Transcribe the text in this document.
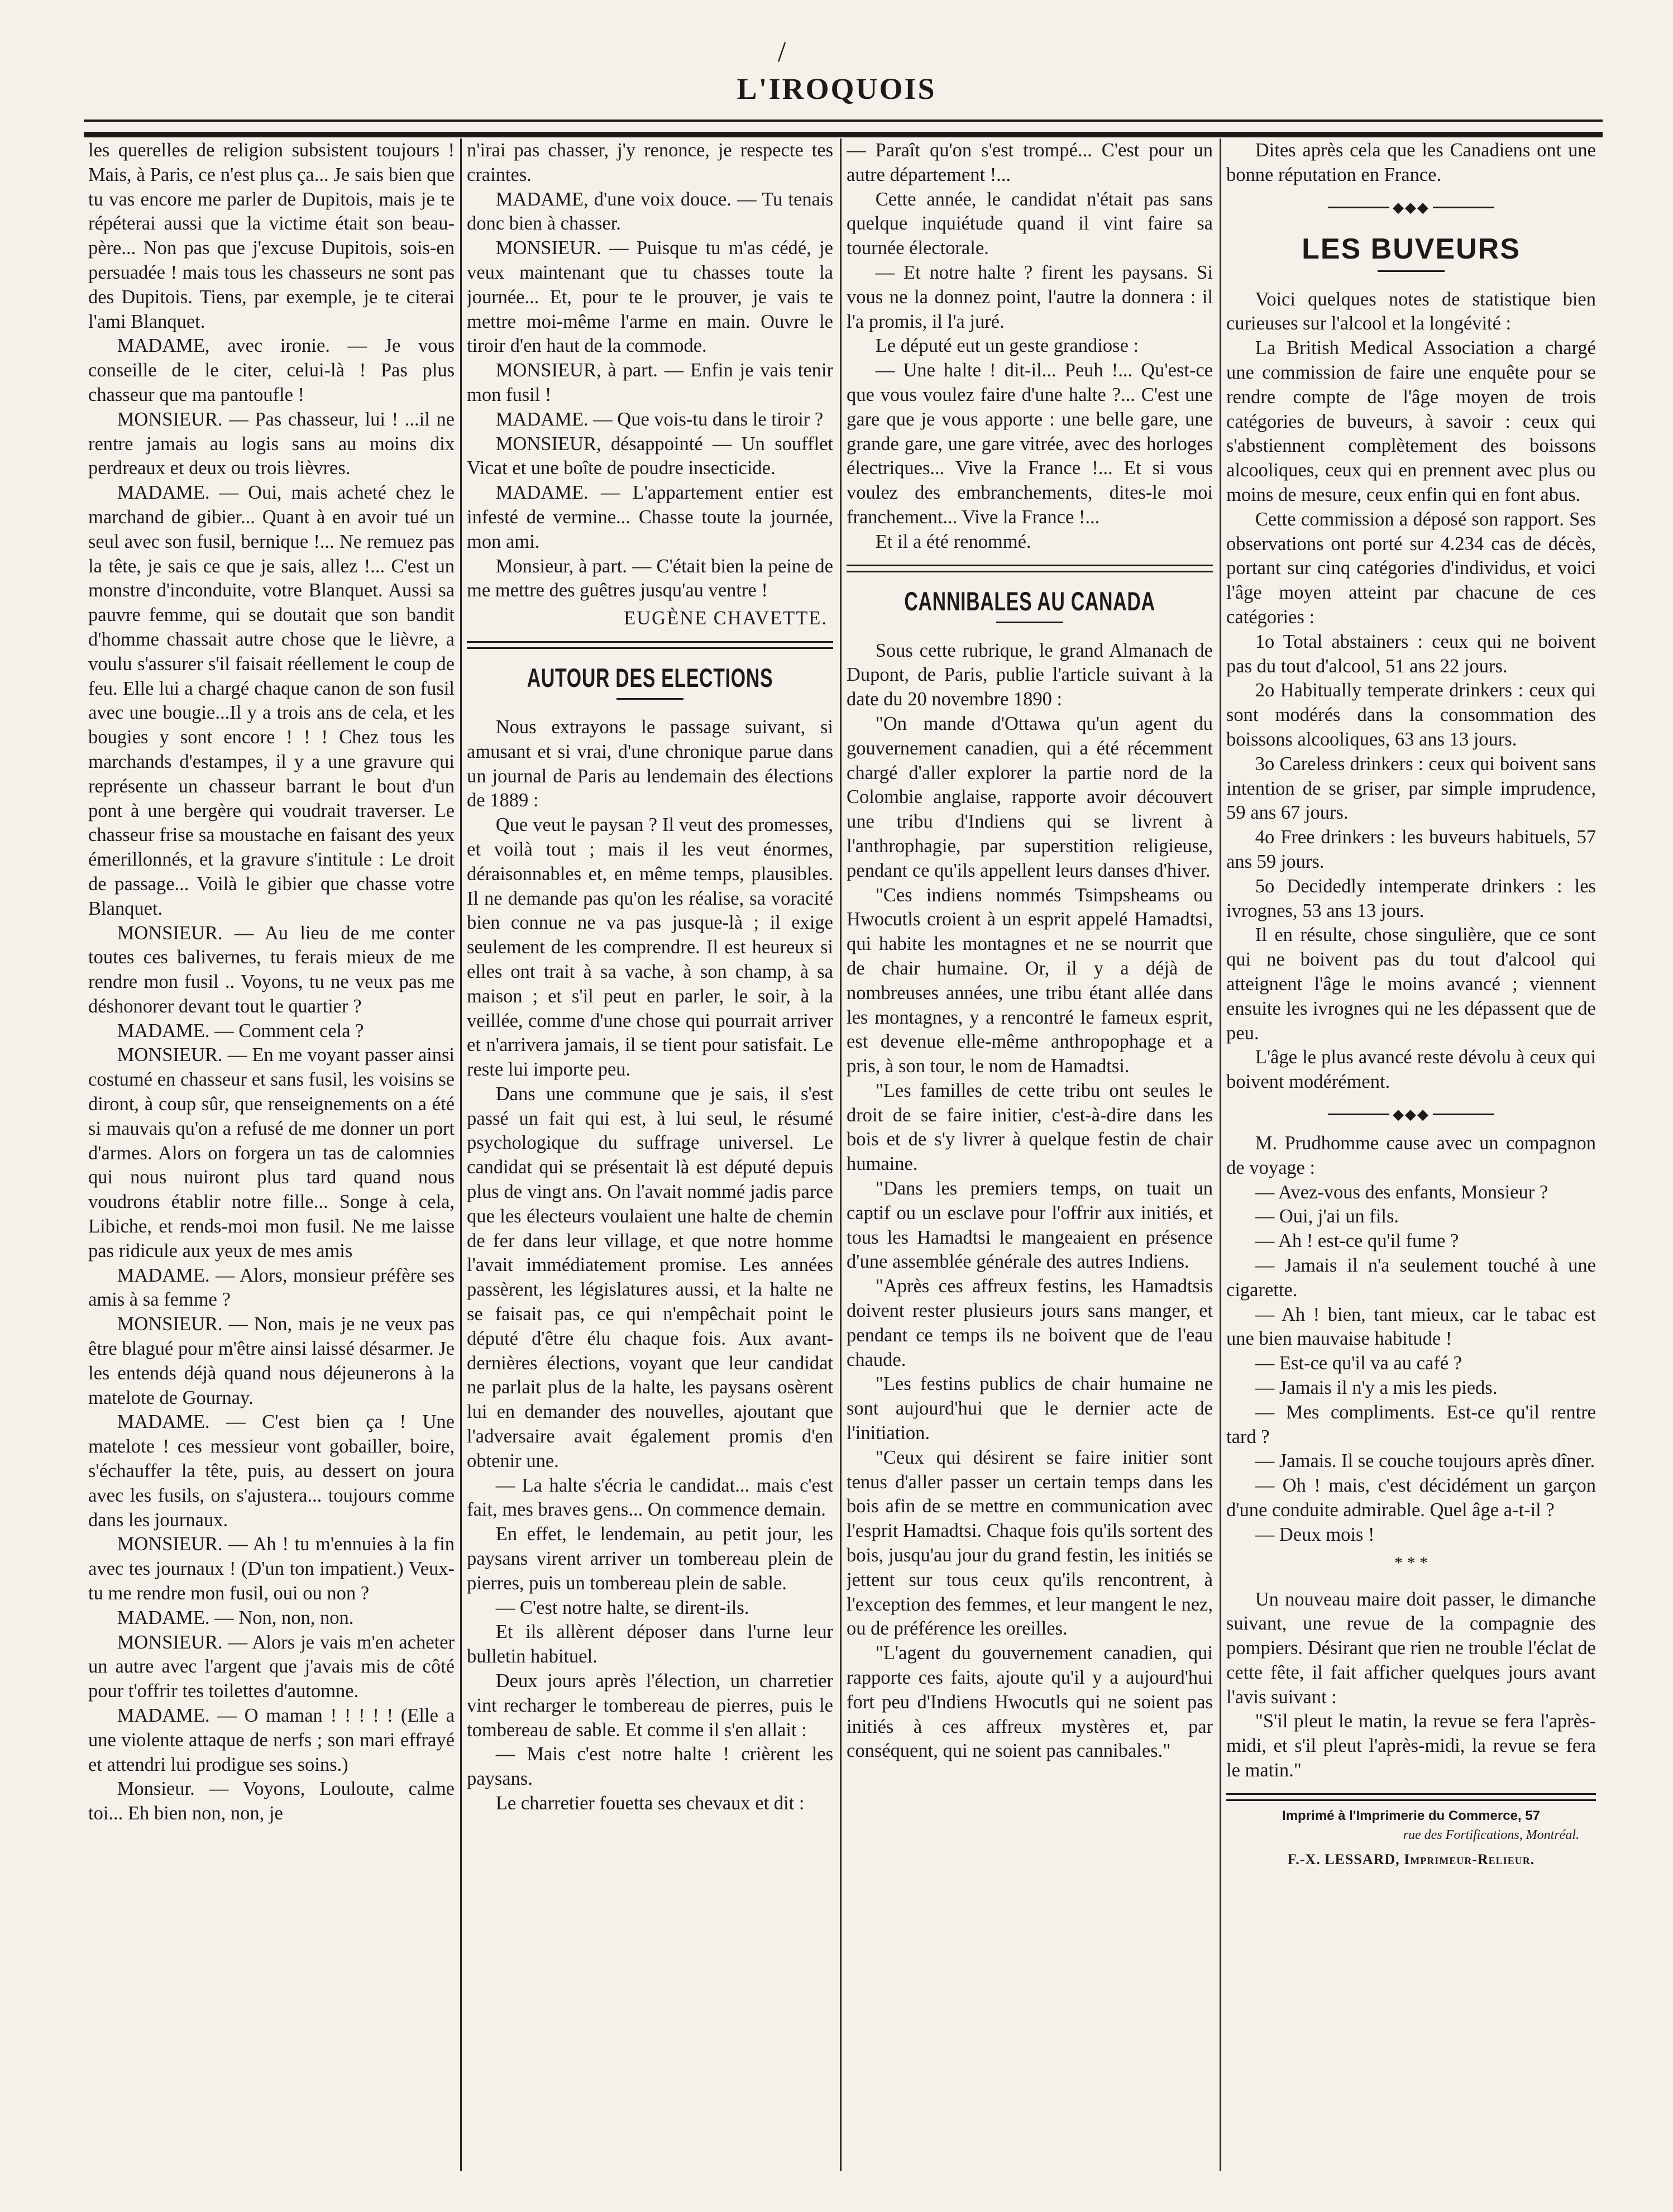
/
L'IROQUOIS

les querelles de religion subsistent toujours ! Mais, à Paris, ce n'est plus ça... Je sais bien que tu vas encore me parler de Dupitois, mais je te répéterai aussi que la victime était son beau-père... Non pas que j'excuse Dupitois, sois-en persuadée ! mais tous les chasseurs ne sont pas des Dupitois. Tiens, par exemple, je te citerai l'ami Blanquet.

MADAME, avec ironie. — Je vous conseille de le citer, celui-là ! Pas plus chasseur que ma pantoufle !

MONSIEUR. — Pas chasseur, lui ! ...il ne rentre jamais au logis sans au moins dix perdreaux et deux ou trois lièvres.

MADAME. — Oui, mais acheté chez le marchand de gibier... Quant à en avoir tué un seul avec son fusil, bernique !... Ne remuez pas la tête, je sais ce que je sais, allez !... C'est un monstre d'inconduite, votre Blanquet. Aussi sa pauvre femme, qui se doutait que son bandit d'homme chassait autre chose que le lièvre, a voulu s'assurer s'il faisait réellement le coup de feu. Elle lui a chargé chaque canon de son fusil avec une bougie...Il y a trois ans de cela, et les bougies y sont encore ! ! ! Chez tous les marchands d'estampes, il y a une gravure qui représente un chasseur barrant le bout d'un pont à une bergère qui voudrait traverser. Le chasseur frise sa moustache en faisant des yeux émerillonnés, et la gravure s'intitule : Le droit de passage... Voilà le gibier que chasse votre Blanquet.

MONSIEUR. — Au lieu de me conter toutes ces balivernes, tu ferais mieux de me rendre mon fusil .. Voyons, tu ne veux pas me déshonorer devant tout le quartier ?

MADAME. — Comment cela ?

MONSIEUR. — En me voyant passer ainsi costumé en chasseur et sans fusil, les voisins se diront, à coup sûr, que renseignements on a été si mauvais qu'on a refusé de me donner un port d'armes. Alors on forgera un tas de calomnies qui nous nuiront plus tard quand nous voudrons établir notre fille... Songe à cela, Libiche, et rends-moi mon fusil. Ne me laisse pas ridicule aux yeux de mes amis

MADAME. — Alors, monsieur préfère ses amis à sa femme ?

MONSIEUR. — Non, mais je ne veux pas être blagué pour m'être ainsi laissé désarmer. Je les entends déjà quand nous déjeunerons à la matelote de Gournay.

MADAME. — C'est bien ça ! Une matelote ! ces messieur vont gobailler, boire, s'échauffer la tête, puis, au dessert on joura avec les fusils, on s'ajustera... toujours comme dans les journaux.

MONSIEUR. — Ah ! tu m'ennuies à la fin avec tes journaux ! (D'un ton impatient.) Veux-tu me rendre mon fusil, oui ou non ?

MADAME. — Non, non, non.

MONSIEUR. — Alors je vais m'en acheter un autre avec l'argent que j'avais mis de côté pour t'offrir tes toilettes d'automne.

MADAME. — O maman ! ! ! ! ! (Elle a une violente attaque de nerfs ; son mari effrayé et attendri lui prodigue ses soins.)

Monsieur. — Voyons, Louloute, calme toi... Eh bien non, non, je

n'irai pas chasser, j'y renonce, je respecte tes craintes.

MADAME, d'une voix douce. — Tu tenais donc bien à chasser.

MONSIEUR. — Puisque tu m'as cédé, je veux maintenant que tu chasses toute la journée... Et, pour te le prouver, je vais te mettre moi-même l'arme en main. Ouvre le tiroir d'en haut de la commode.

MONSIEUR, à part. — Enfin je vais tenir mon fusil !

MADAME. — Que vois-tu dans le tiroir ?

MONSIEUR, désappointé — Un soufflet Vicat et une boîte de poudre insecticide.

MADAME. — L'appartement entier est infesté de vermine... Chasse toute la journée, mon ami.

Monsieur, à part. — C'était bien la peine de me mettre des guêtres jusqu'au ventre !

EUGÈNE CHAVETTE.
AUTOUR DES ELECTIONS

Nous extrayons le passage suivant, si amusant et si vrai, d'une chronique parue dans un journal de Paris au lendemain des élections de 1889 :

Que veut le paysan ? Il veut des promesses, et voilà tout ; mais il les veut énormes, déraisonnables et, en même temps, plausibles. Il ne demande pas qu'on les réalise, sa voracité bien connue ne va pas jusque-là ; il exige seulement de les comprendre. Il est heureux si elles ont trait à sa vache, à son champ, à sa maison ; et s'il peut en parler, le soir, à la veillée, comme d'une chose qui pourrait arriver et n'arrivera jamais, il se tient pour satisfait. Le reste lui importe peu.

Dans une commune que je sais, il s'est passé un fait qui est, à lui seul, le résumé psychologique du suffrage universel. Le candidat qui se présentait là est député depuis plus de vingt ans. On l'avait nommé jadis parce que les électeurs voulaient une halte de chemin de fer dans leur village, et que notre homme l'avait immédiatement promise. Les années passèrent, les législatures aussi, et la halte ne se faisait pas, ce qui n'empêchait point le député d'être élu chaque fois. Aux avant-dernières élections, voyant que leur candidat ne parlait plus de la halte, les paysans osèrent lui en demander des nouvelles, ajoutant que l'adversaire avait également promis d'en obtenir une.

— La halte s'écria le candidat... mais c'est fait, mes braves gens... On commence demain.

En effet, le lendemain, au petit jour, les paysans virent arriver un tombereau plein de pierres, puis un tombereau plein de sable.

— C'est notre halte, se dirent-ils.

Et ils allèrent déposer dans l'urne leur bulletin habituel.

Deux jours après l'élection, un charretier vint recharger le tombereau de pierres, puis le tombereau de sable. Et comme il s'en allait :

— Mais c'est notre halte ! crièrent les paysans.

Le charretier fouetta ses chevaux et dit :

— Paraît qu'on s'est trompé... C'est pour un autre département !...

Cette année, le candidat n'était pas sans quelque inquiétude quand il vint faire sa tournée électorale.

— Et notre halte ? firent les paysans. Si vous ne la donnez point, l'autre la donnera : il l'a promis, il l'a juré.

Le député eut un geste grandiose :

— Une halte ! dit-il... Peuh !... Qu'est-ce que vous voulez faire d'une halte ?... C'est une gare que je vous apporte : une belle gare, une grande gare, une gare vitrée, avec des horloges électriques... Vive la France !... Et si vous voulez des embranchements, dites-le moi franchement... Vive la France !...

Et il a été renommé.

CANNIBALES AU CANADA

Sous cette rubrique, le grand Almanach de Dupont, de Paris, publie l'article suivant à la date du 20 novembre 1890 :

"On mande d'Ottawa qu'un agent du gouvernement canadien, qui a été récemment chargé d'aller explorer la partie nord de la Colombie anglaise, rapporte avoir découvert une tribu d'Indiens qui se livrent à l'anthrophagie, par superstition religieuse, pendant ce qu'ils appellent leurs danses d'hiver.

"Ces indiens nommés Tsimpsheams ou Hwocutls croient à un esprit appelé Hamadtsi, qui habite les montagnes et ne se nourrit que de chair humaine. Or, il y a déjà de nombreuses années, une tribu étant allée dans les montagnes, y a rencontré le fameux esprit, est devenue elle-même anthropophage et a pris, à son tour, le nom de Hamadtsi.

"Les familles de cette tribu ont seules le droit de se faire initier, c'est-à-dire dans les bois et de s'y livrer à quelque festin de chair humaine.

"Dans les premiers temps, on tuait un captif ou un esclave pour l'offrir aux initiés, et tous les Hamadtsi le mangeaient en présence d'une assemblée générale des autres Indiens.

"Après ces affreux festins, les Hamadtsis doivent rester plusieurs jours sans manger, et pendant ce temps ils ne boivent que de l'eau chaude.

"Les festins publics de chair humaine ne sont aujourd'hui que le dernier acte de l'initiation.

"Ceux qui désirent se faire initier sont tenus d'aller passer un certain temps dans les bois afin de se mettre en communication avec l'esprit Hamadtsi. Chaque fois qu'ils sortent des bois, jusqu'au jour du grand festin, les initiés se jettent sur tous ceux qu'ils rencontrent, à l'exception des femmes, et leur mangent le nez, ou de préférence les oreilles.

"L'agent du gouvernement canadien, qui rapporte ces faits, ajoute qu'il y a aujourd'hui fort peu d'Indiens Hwocutls qui ne soient pas initiés à ces affreux mystères et, par conséquent, qui ne soient pas cannibales."

Dites après cela que les Canadiens ont une bonne réputation en France.

◆◆◆
LES BUVEURS

Voici quelques notes de statistique bien curieuses sur l'alcool et la longévité :

La British Medical Association a chargé une commission de faire une enquête pour se rendre compte de l'âge moyen de trois catégories de buveurs, à savoir : ceux qui s'abstiennent complètement des boissons alcooliques, ceux qui en prennent avec plus ou moins de mesure, ceux enfin qui en font abus.

Cette commission a déposé son rapport. Ses observations ont porté sur 4.234 cas de décès, portant sur cinq catégories d'individus, et voici l'âge moyen atteint par chacune de ces catégories :

1o Total abstainers : ceux qui ne boivent pas du tout d'alcool, 51 ans 22 jours.

2o Habitually temperate drinkers : ceux qui sont modérés dans la consommation des boissons alcooliques, 63 ans 13 jours.

3o Careless drinkers : ceux qui boivent sans intention de se griser, par simple imprudence, 59 ans 67 jours.

4o Free drinkers : les buveurs habituels, 57 ans 59 jours.

5o Decidedly intemperate drinkers : les ivrognes, 53 ans 13 jours.

Il en résulte, chose singulière, que ce sont qui ne boivent pas du tout d'alcool qui atteignent l'âge le moins avancé ; viennent ensuite les ivrognes qui ne les dépassent que de peu.

L'âge le plus avancé reste dévolu à ceux qui boivent modérément.

◆◆◆

M. Prudhomme cause avec un compagnon de voyage :

— Avez-vous des enfants, Monsieur ?

— Oui, j'ai un fils.

— Ah ! est-ce qu'il fume ?

— Jamais il n'a seulement touché à une cigarette.

— Ah ! bien, tant mieux, car le tabac est une bien mauvaise habitude !

— Est-ce qu'il va au café ?

— Jamais il n'y a mis les pieds.

— Mes compliments. Est-ce qu'il rentre tard ?

— Jamais. Il se couche toujours après dîner.

— Oh ! mais, c'est décidément un garçon d'une conduite admirable. Quel âge a-t-il ?

— Deux mois !

* * *

Un nouveau maire doit passer, le dimanche suivant, une revue de la compagnie des pompiers. Désirant que rien ne trouble l'éclat de cette fête, il fait afficher quelques jours avant l'avis suivant :

"S'il pleut le matin, la revue se fera l'après-midi, et s'il pleut l'après-midi, la revue se fera le matin."

Imprimé à l'Imprimerie du Commerce, 57
rue des Fortifications, Montréal.
F.-X. LESSARD, Imprimeur-Relieur.
